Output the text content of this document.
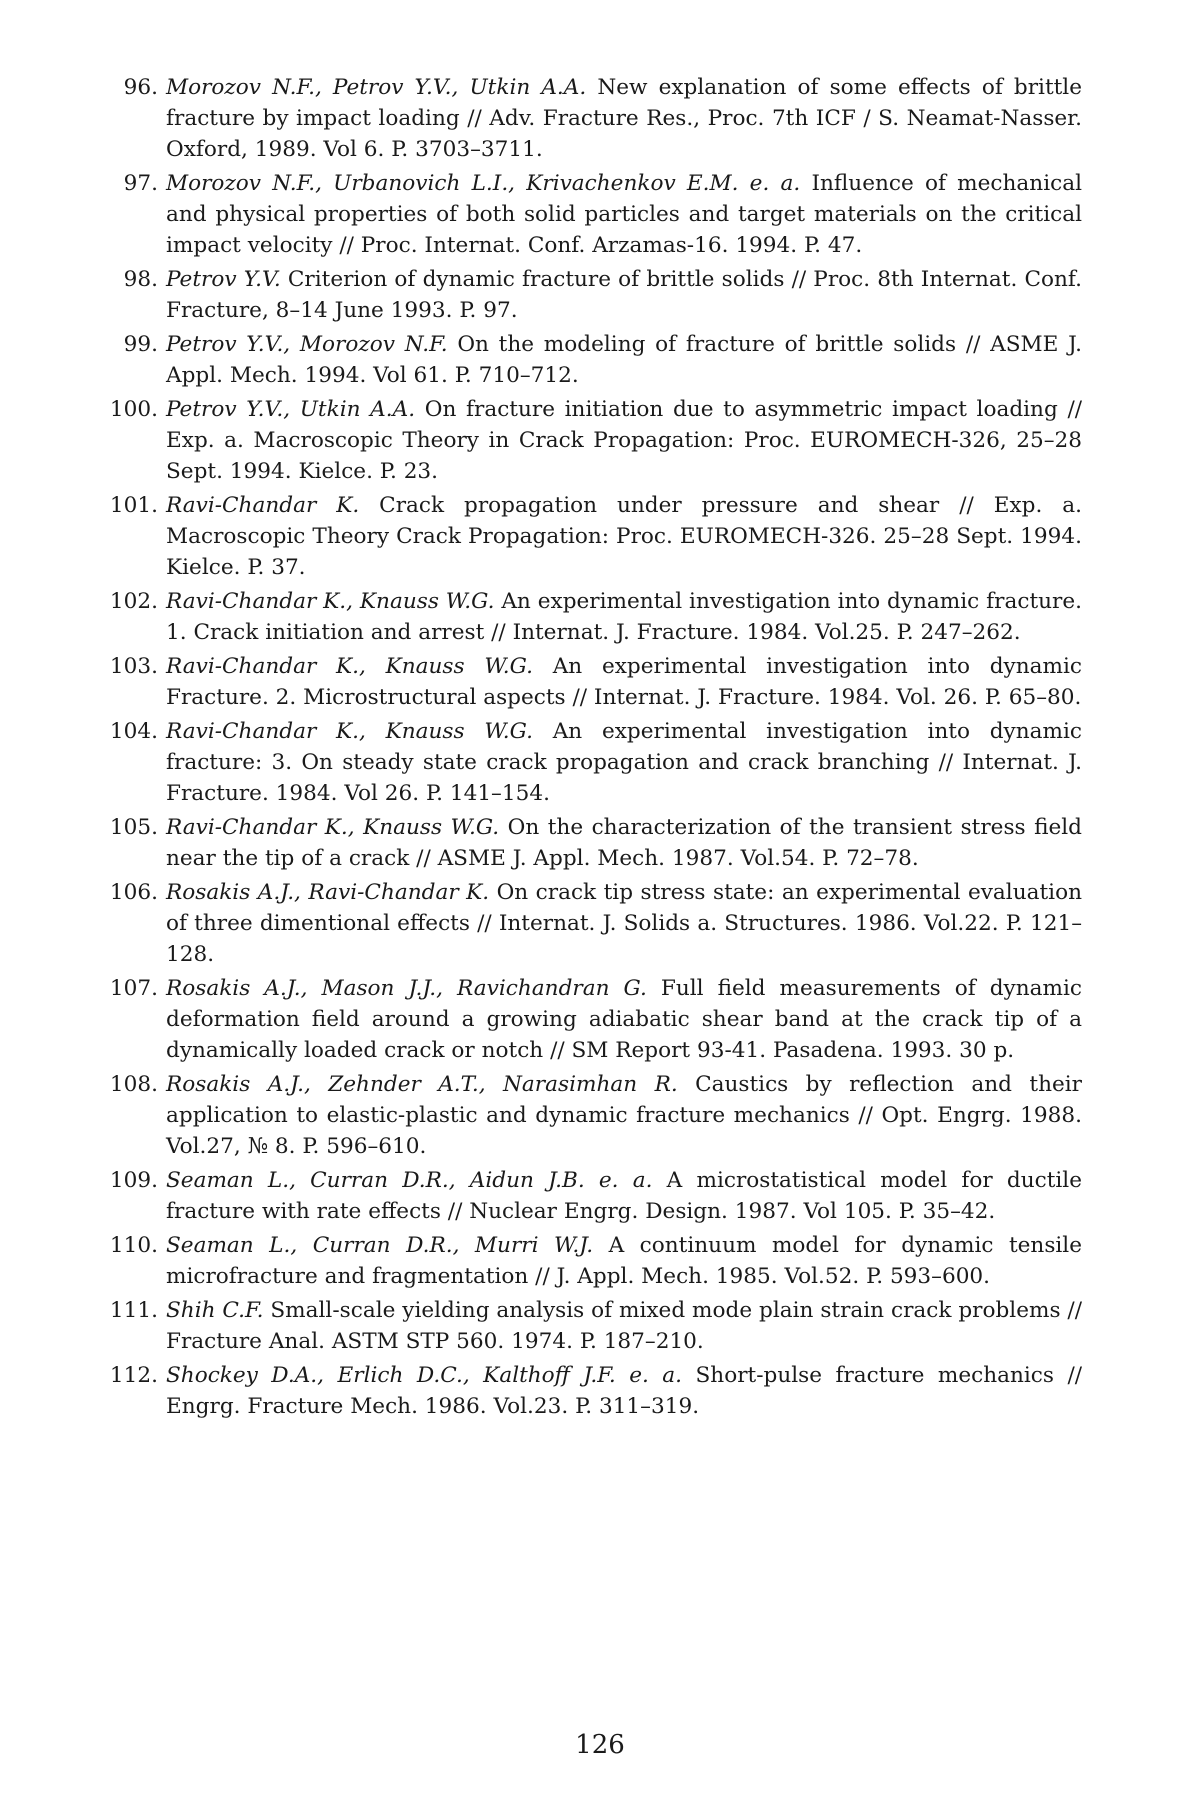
96. Morozov N.F., Petrov Y.V., Utkin A.A. New explanation of some effects of brittle fracture by impact loading // Adv. Fracture Res., Proc. 7th ICF / S. Neamat-Nasser. Oxford, 1989. Vol 6. P. 3703–3711.
97. Morozov N.F., Urbanovich L.I., Krivachenkov E.M. e. a. Influence of mechanical and physical properties of both solid particles and target materials on the critical impact velocity // Proc. Internat. Conf. Arzamas-16. 1994. P. 47.
98. Petrov Y.V. Criterion of dynamic fracture of brittle solids // Proc. 8th Internat. Conf. Fracture, 8–14 June 1993. P. 97.
99. Petrov Y.V., Morozov N.F. On the modeling of fracture of brittle solids // ASME J. Appl. Mech. 1994. Vol 61. P. 710–712.
100. Petrov Y.V., Utkin A.A. On fracture initiation due to asymmetric impact loading // Exp. a. Macroscopic Theory in Crack Propagation: Proc. EUROMECH-326, 25–28 Sept. 1994. Kielce. P. 23.
101. Ravi-Chandar K. Crack propagation under pressure and shear // Exp. a. Macroscopic Theory Crack Propagation: Proc. EUROMECH-326. 25–28 Sept. 1994. Kielce. P. 37.
102. Ravi-Chandar K., Knauss W.G. An experimental investigation into dynamic fracture. 1. Crack initiation and arrest // Internat. J. Fracture. 1984. Vol.25. P. 247–262.
103. Ravi-Chandar K., Knauss W.G. An experimental investigation into dynamic Fracture. 2. Microstructural aspects // Internat. J. Fracture. 1984. Vol. 26. P. 65–80.
104. Ravi-Chandar K., Knauss W.G. An experimental investigation into dynamic fracture: 3. On steady state crack propagation and crack branching // Internat. J. Fracture. 1984. Vol 26. P. 141–154.
105. Ravi-Chandar K., Knauss W.G. On the characterization of the transient stress field near the tip of a crack // ASME J. Appl. Mech. 1987. Vol.54. P. 72–78.
106. Rosakis A.J., Ravi-Chandar K. On crack tip stress state: an experimental evaluation of three dimentional effects // Internat. J. Solids a. Structures. 1986. Vol.22. P. 121–128.
107. Rosakis A.J., Mason J.J., Ravichandran G. Full field measurements of dynamic deformation field around a growing adiabatic shear band at the crack tip of a dynamically loaded crack or notch // SM Report 93-41. Pasadena. 1993. 30 p.
108. Rosakis A.J., Zehnder A.T., Narasimhan R. Caustics by reflection and their application to elastic-plastic and dynamic fracture mechanics // Opt. Engrg. 1988. Vol.27, № 8. P. 596–610.
109. Seaman L., Curran D.R., Aidun J.B. e. a. A microstatistical model for ductile fracture with rate effects // Nuclear Engrg. Design. 1987. Vol 105. P. 35–42.
110. Seaman L., Curran D.R., Murri W.J. A continuum model for dynamic tensile microfracture and fragmentation // J. Appl. Mech. 1985. Vol.52. P. 593–600.
111. Shih C.F. Small-scale yielding analysis of mixed mode plain strain crack problems // Fracture Anal. ASTM STP 560. 1974. P. 187–210.
112. Shockey D.A., Erlich D.C., Kalthoff J.F. e. a. Short-pulse fracture mechanics // Engrg. Fracture Mech. 1986. Vol.23. P. 311–319.
126
